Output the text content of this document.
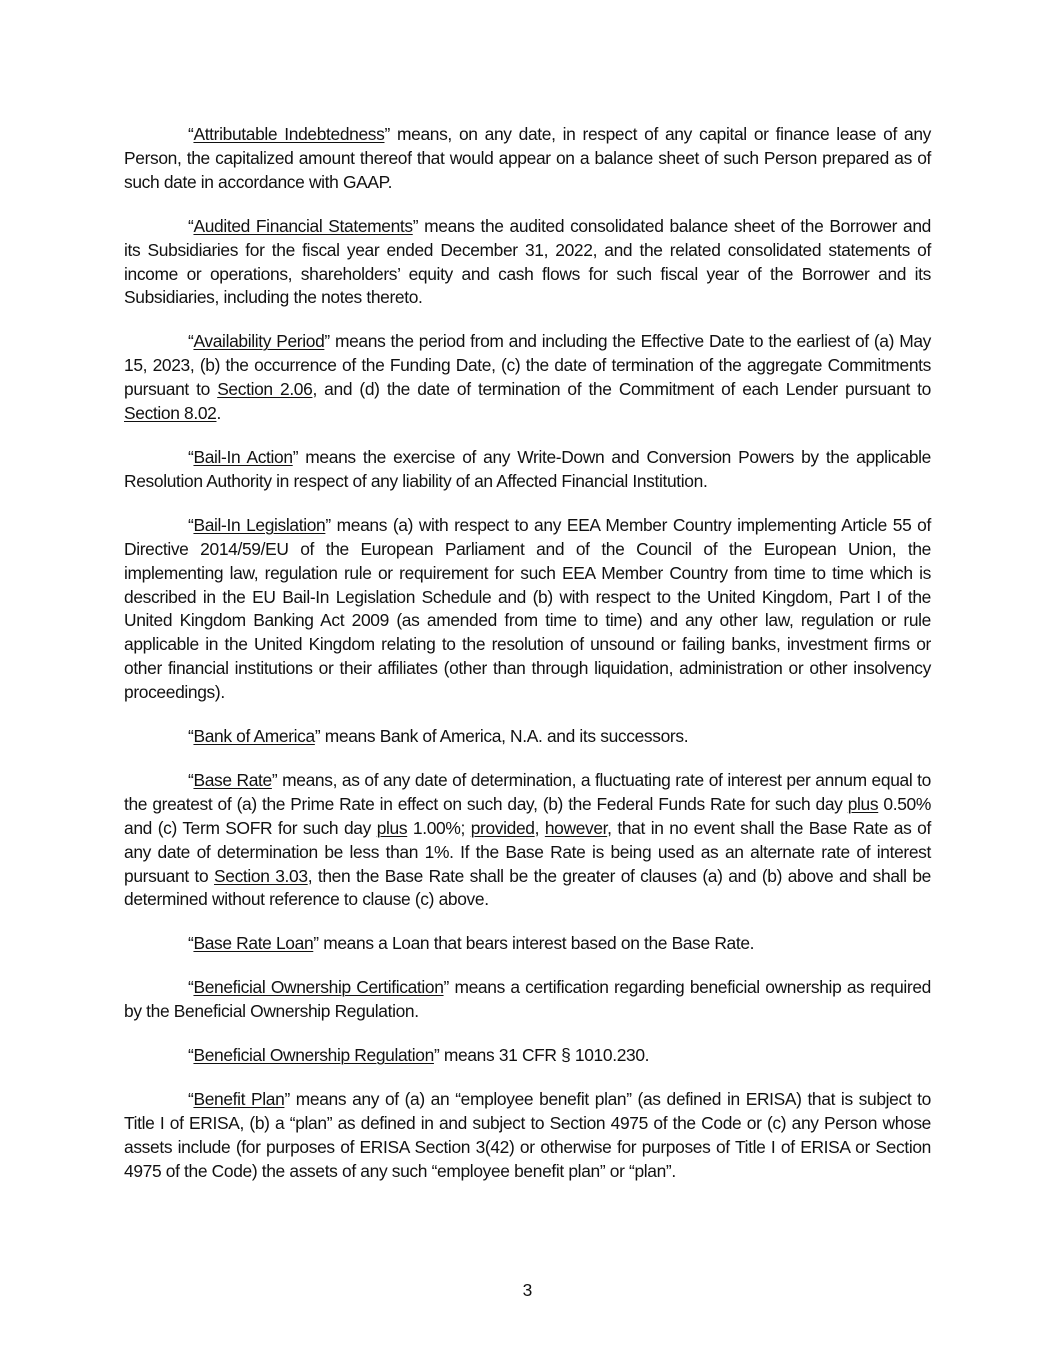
“Attributable Indebtedness” means, on any date, in respect of any capital or finance lease of any Person, the capitalized amount thereof that would appear on a balance sheet of such Person prepared as of such date in accordance with GAAP.

“Audited Financial Statements” means the audited consolidated balance sheet of the Borrower and its Subsidiaries for the fiscal year ended December 31, 2022, and the related consolidated statements of income or operations, shareholders’ equity and cash flows for such fiscal year of the Borrower and its Subsidiaries, including the notes thereto.

“Availability Period” means the period from and including the Effective Date to the earliest of (a) May 15, 2023, (b) the occurrence of the Funding Date, (c) the date of termination of the aggregate Commitments pursuant to Section 2.06, and (d) the date of termination of the Commitment of each Lender pursuant to Section 8.02.

“Bail-In Action” means the exercise of any Write-Down and Conversion Powers by the applicable Resolution Authority in respect of any liability of an Affected Financial Institution.

“Bail-In Legislation” means (a) with respect to any EEA Member Country implementing Article 55 of Directive 2014/59/EU of the European Parliament and of the Council of the European Union, the implementing law, regulation rule or requirement for such EEA Member Country from time to time which is described in the EU Bail-In Legislation Schedule and (b) with respect to the United Kingdom, Part I of the United Kingdom Banking Act 2009 (as amended from time to time) and any other law, regulation or rule applicable in the United Kingdom relating to the resolution of unsound or failing banks, investment firms or other financial institutions or their affiliates (other than through liquidation, administration or other insolvency proceedings).

“Bank of America” means Bank of America, N.A. and its successors.

“Base Rate” means, as of any date of determination, a fluctuating rate of interest per annum equal to the greatest of (a) the Prime Rate in effect on such day, (b) the Federal Funds Rate for such day plus 0.50% and (c) Term SOFR for such day plus 1.00%; provided, however, that in no event shall the Base Rate as of any date of determination be less than 1%. If the Base Rate is being used as an alternate rate of interest pursuant to Section 3.03, then the Base Rate shall be the greater of clauses (a) and (b) above and shall be determined without reference to clause (c) above.

“Base Rate Loan” means a Loan that bears interest based on the Base Rate.

“Beneficial Ownership Certification” means a certification regarding beneficial ownership as required by the Beneficial Ownership Regulation.

“Beneficial Ownership Regulation” means 31 CFR § 1010.230.

“Benefit Plan” means any of (a) an “employee benefit plan” (as defined in ERISA) that is subject to Title I of ERISA, (b) a “plan” as defined in and subject to Section 4975 of the Code or (c) any Person whose assets include (for purposes of ERISA Section 3(42) or otherwise for purposes of Title I of ERISA or Section 4975 of the Code) the assets of any such “employee benefit plan” or “plan”.

3
